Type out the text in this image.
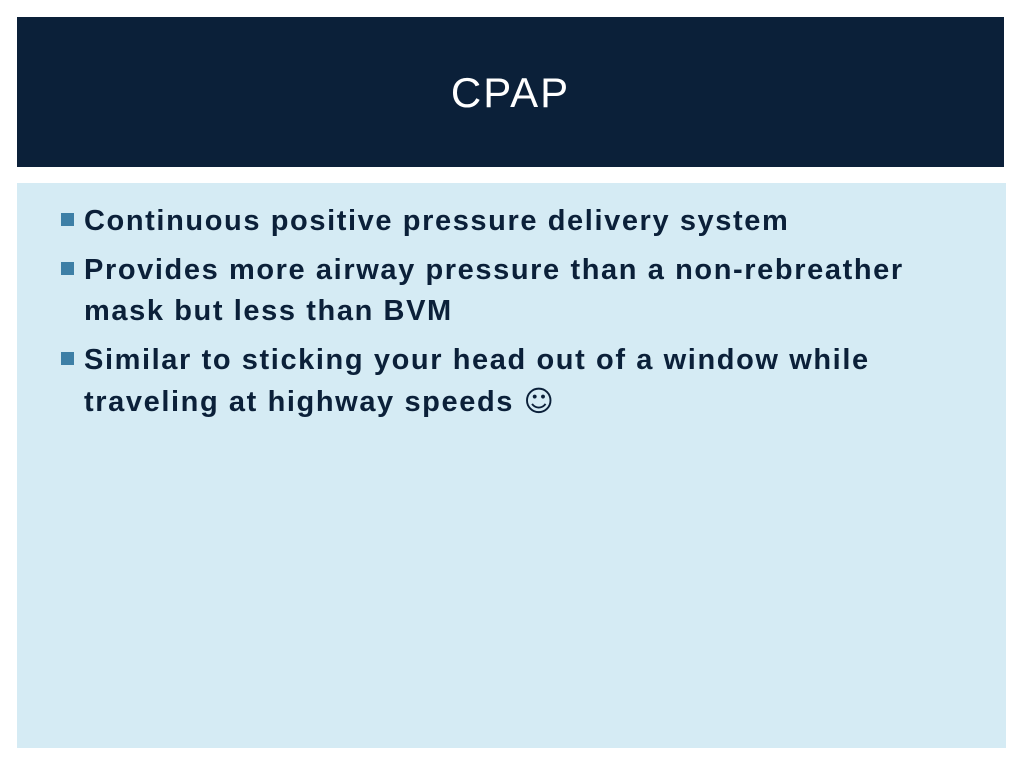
CPAP
Continuous positive pressure delivery system
Provides more airway pressure than a non-rebreather mask but less than BVM
Similar to sticking your head out of a window while traveling at highway speeds ☺
